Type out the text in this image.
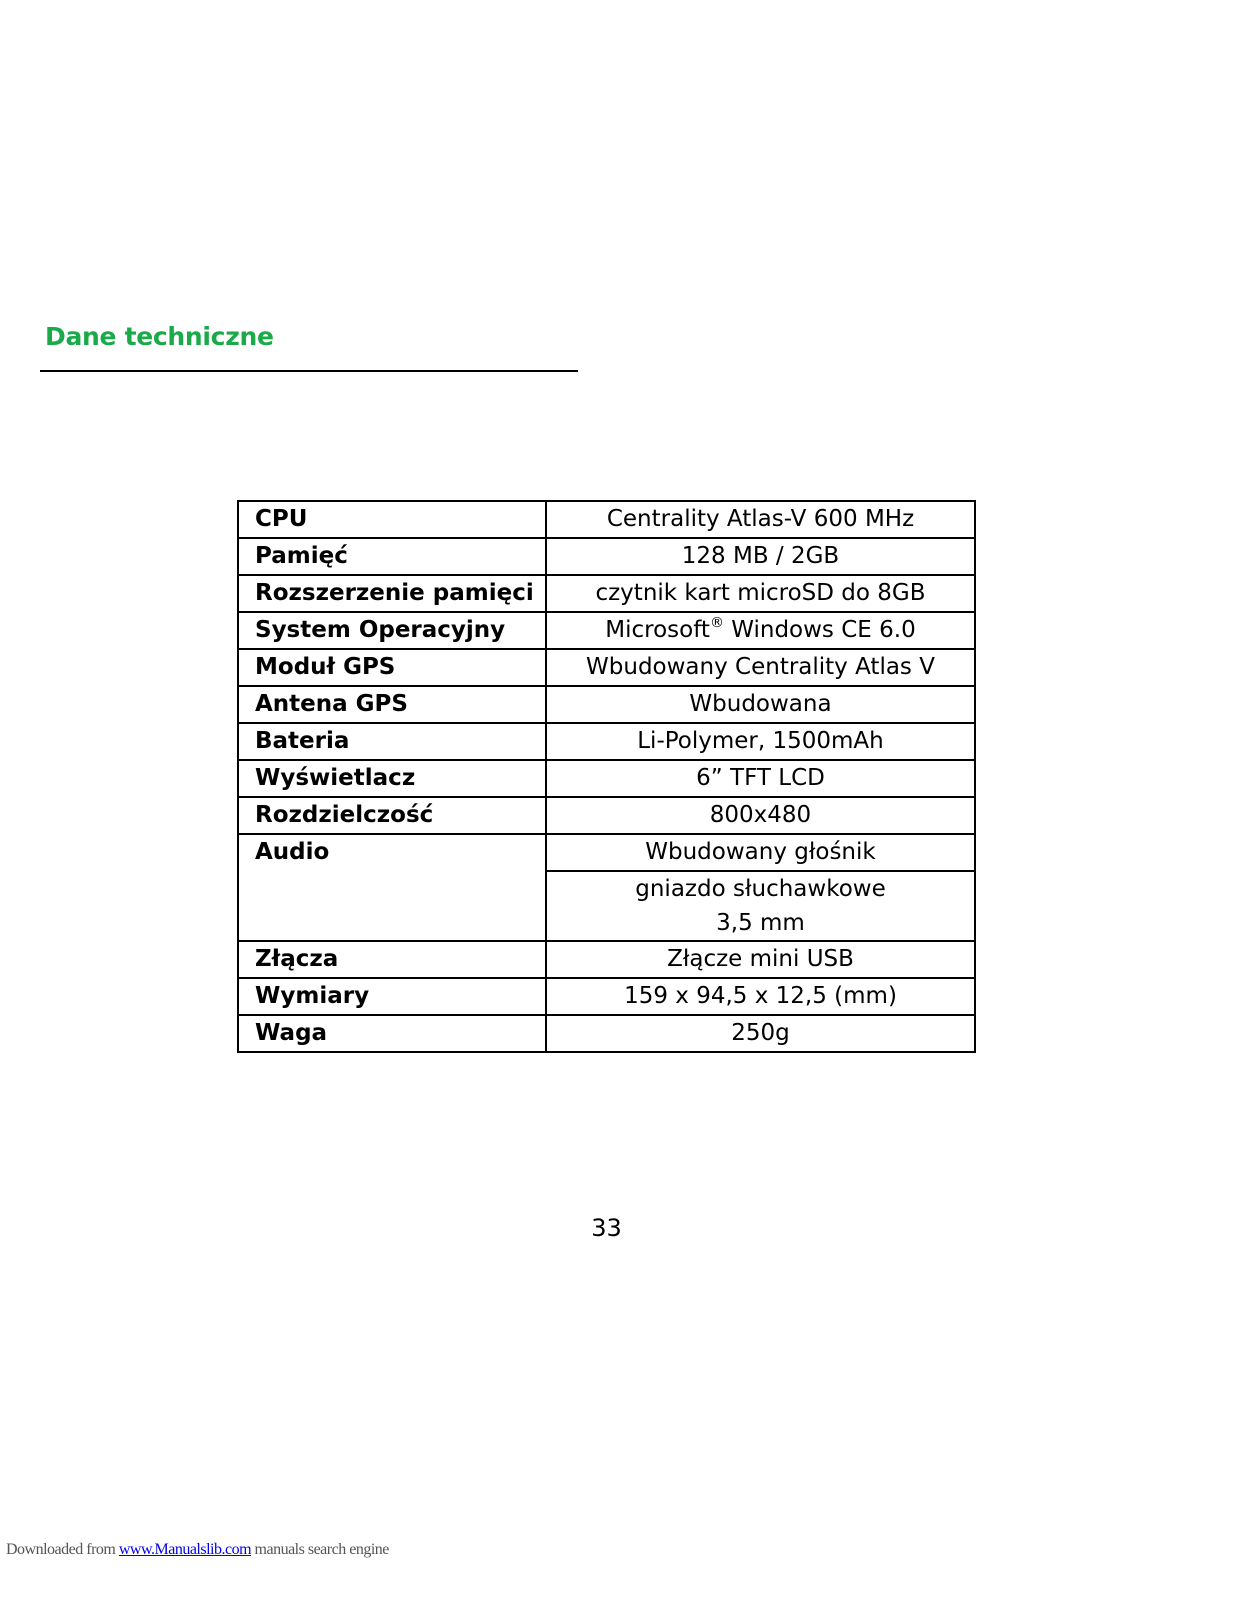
Dane techniczne
CPU	Centrality Atlas-V 600 MHz
Pamięć	128 MB / 2GB
Rozszerzenie pamięci	czytnik kart microSD do 8GB
System Operacyjny	Microsoft® Windows CE 6.0
Moduł GPS	Wbudowany Centrality Atlas V
Antena GPS	Wbudowana
Bateria	Li-Polymer, 1500mAh
Wyświetlacz	6” TFT LCD
Rozdzielczość	800x480
Audio	Wbudowany głośnik
	gniazdo słuchawkowe
3,5 mm
Złącza	Złącze mini USB
Wymiary	159 x 94,5 x 12,5 (mm)
Waga	250g
33
Downloaded from www.Manualslib.com manuals search engine
